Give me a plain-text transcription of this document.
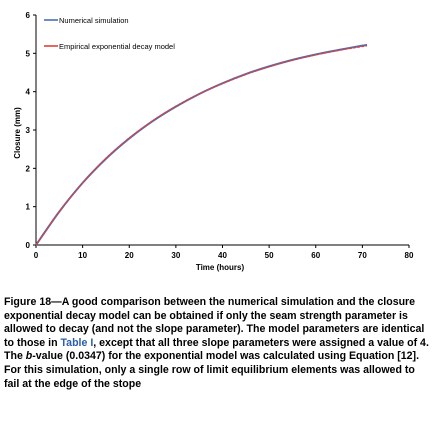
0	10	20	30	40	50	60	70	80
0
1
2
3
4
5
6
Numerical simulation
Empirical exponential decay model
Closure (mm)
Time (hours)

Figure 18—A good comparison between the numerical simulation and the closure exponential decay model can be obtained if only the seam strength parameter is allowed to decay (and not the slope parameter). The model parameters are identical to those in Table I, except that all three slope parameters were assigned a value of 4. The b-value (0.0347) for the exponential model was calculated using Equation [12]. For this simulation, only a single row of limit equilibrium elements was allowed to fail at the edge of the stope
